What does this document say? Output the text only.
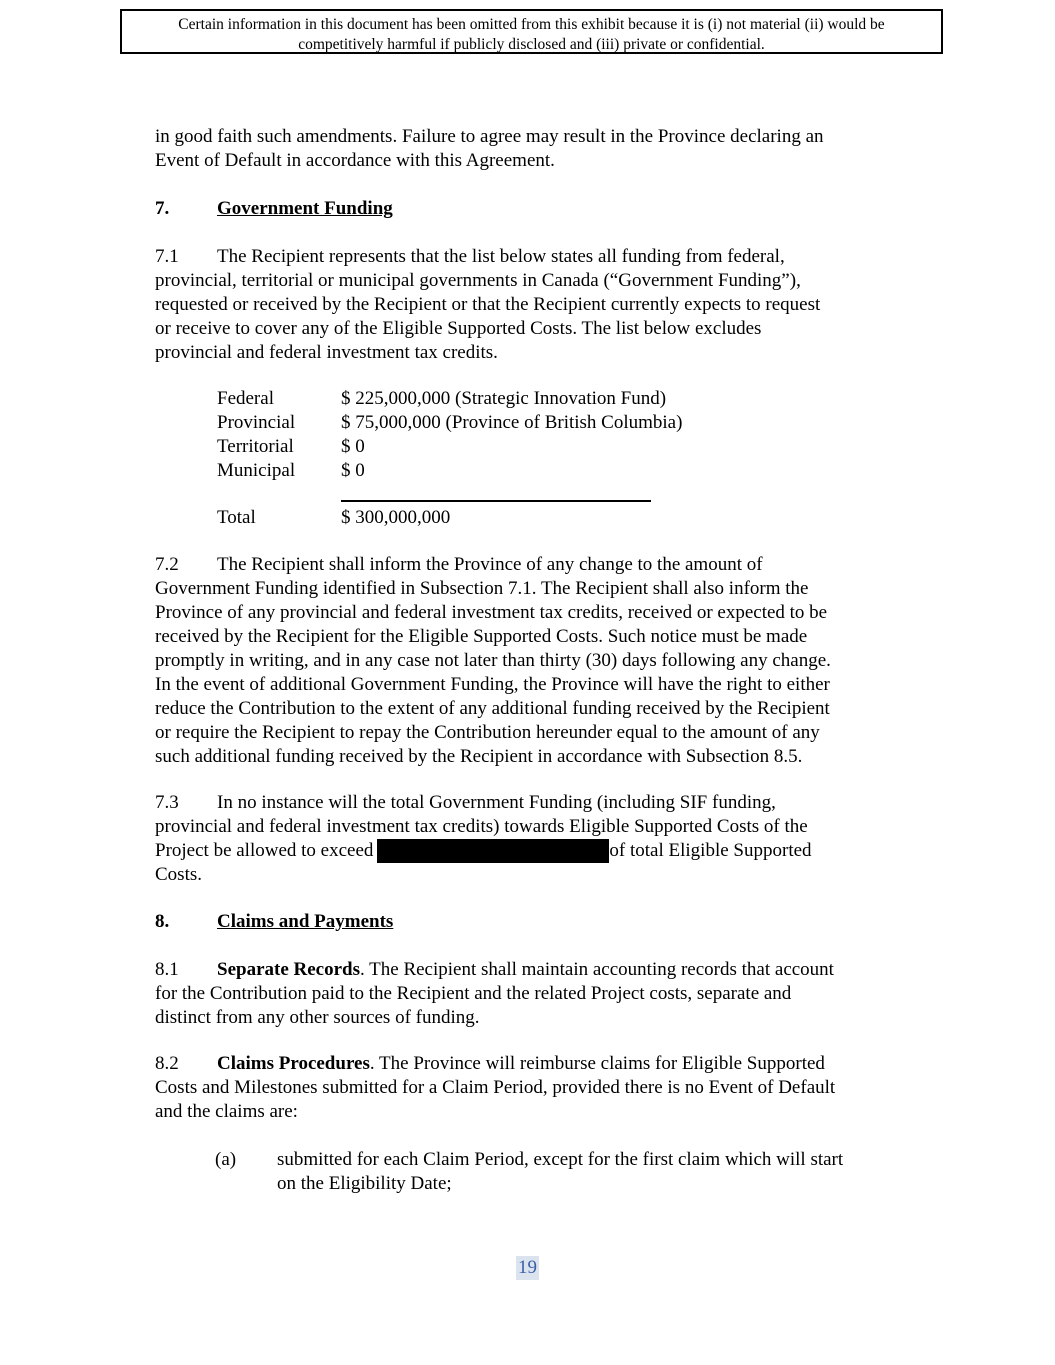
Certain information in this document has been omitted from this exhibit because it is (i) not material (ii) would be
competitively harmful if publicly disclosed and (iii) private or confidential.
in good faith such amendments. Failure to agree may result in the Province declaring an
Event of Default in accordance with this Agreement.
7.	Government Funding
7.1 The Recipient represents that the list below states all funding from federal,
provincial, territorial or municipal governments in Canada (“Government Funding”),
requested or received by the Recipient or that the Recipient currently expects to request
or receive to cover any of the Eligible Supported Costs. The list below excludes
provincial and federal investment tax credits.
Federal	$ 225,000,000 (Strategic Innovation Fund)
Provincial $ 75,000,000 (Province of British Columbia)
Territorial $ 0
Municipal $ 0
Total	$ 300,000,000
7.2 The Recipient shall inform the Province of any change to the amount of
Government Funding identified in Subsection 7.1. The Recipient shall also inform the
Province of any provincial and federal investment tax credits, received or expected to be
received by the Recipient for the Eligible Supported Costs. Such notice must be made
promptly in writing, and in any case not later than thirty (30) days following any change.
In the event of additional Government Funding, the Province will have the right to either
reduce the Contribution to the extent of any additional funding received by the Recipient
or require the Recipient to repay the Contribution hereunder equal to the amount of any
such additional funding received by the Recipient in accordance with Subsection 8.5.
7.3 In no instance will the total Government Funding (including SIF funding,
provincial and federal investment tax credits) towards Eligible Supported Costs of the
Project be allowed to exceed	of total Eligible Supported
Costs.
8.	Claims and Payments
8.1 Separate Records. The Recipient shall maintain accounting records that account
for the Contribution paid to the Recipient and the related Project costs, separate and
distinct from any other sources of funding.
8.2 Claims Procedures. The Province will reimburse claims for Eligible Supported
Costs and Milestones submitted for a Claim Period, provided there is no Event of Default
and the claims are:
(a) submitted for each Claim Period, except for the first claim which will start
on the Eligibility Date;
19
